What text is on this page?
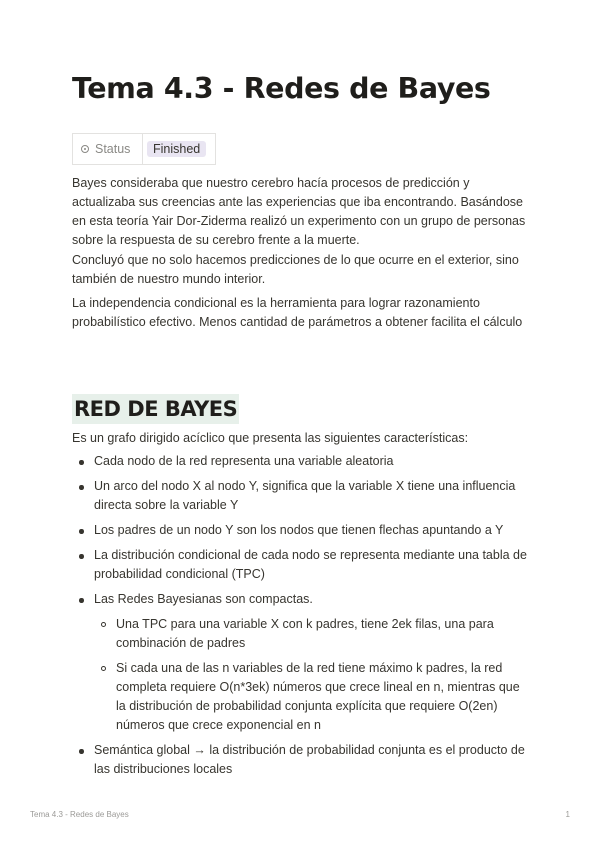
Tema 4.3 - Redes de Bayes
Status	Finished

Bayes consideraba que nuestro cerebro hacía procesos de predicción y actualizaba sus creencias ante las experiencias que iba encontrando. Basándose en esta teoría Yair Dor-Ziderma realizó un experimento con un grupo de personas sobre la respuesta de su cerebro frente a la muerte.

Concluyó que no solo hacemos predicciones de lo que ocurre en el exterior, sino también de nuestro mundo interior.

La independencia condicional es la herramienta para lograr razonamiento probabilístico efectivo. Menos cantidad de parámetros a obtener facilita el cálculo

RED DE BAYES

Es un grafo dirigido acíclico que presenta las siguientes características:

Cada nodo de la red representa una variable aleatoria
Un arco del nodo X al nodo Y, significa que la variable X tiene una influencia directa sobre la variable Y
Los padres de un nodo Y son los nodos que tienen flechas apuntando a Y
La distribución condicional de cada nodo se representa mediante una tabla de probabilidad condicional (TPC)
Las Redes Bayesianas son compactas.
Una TPC para una variable X con k padres, tiene 2ek filas, una para combinación de padres
Si cada una de las n variables de la red tiene máximo k padres, la red completa requiere O(n*3ek) números que crece lineal en n, mientras que la distribución de probabilidad conjunta explícita que requiere O(2en) números que crece exponencial en n
Semántica global → la distribución de probabilidad conjunta es el producto de las distribuciones locales
Tema 4.3 - Redes de Bayes	1
